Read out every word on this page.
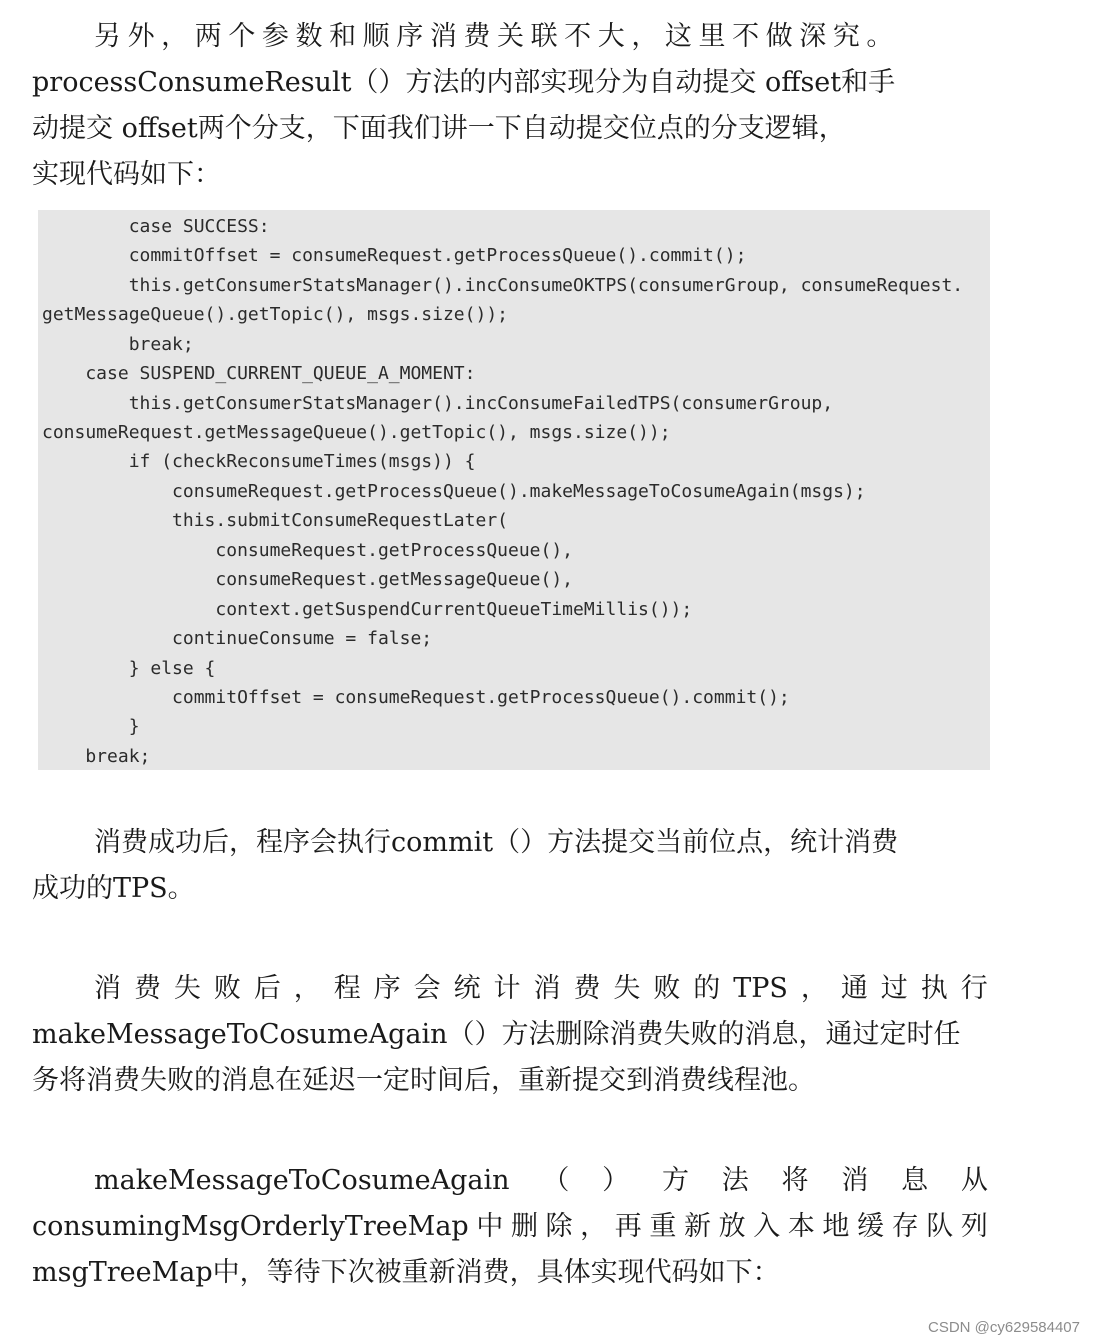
另 外 ， 两 个 参 数 和 顺 序 消 费 关 联 不 大 ， 这 里 不 做 深 究 。
processConsumeResult（）方法的内部实现分为自动提交 offset和手
动提交 offset两个分支，下面我们讲一下自动提交位点的分支逻辑，
实现代码如下：
case SUCCESS:
commitOffset = consumeRequest.getProcessQueue().commit();
this.getConsumerStatsManager().incConsumeOKTPS(consumerGroup, consumeRequest.
getMessageQueue().getTopic(), msgs.size());
break;
case SUSPEND_CURRENT_QUEUE_A_MOMENT:
this.getConsumerStatsManager().incConsumeFailedTPS(consumerGroup,
consumeRequest.getMessageQueue().getTopic(), msgs.size());
if (checkReconsumeTimes(msgs)) {
consumeRequest.getProcessQueue().makeMessageToCosumeAgain(msgs);
this.submitConsumeRequestLater(
consumeRequest.getProcessQueue(),
consumeRequest.getMessageQueue(),
context.getSuspendCurrentQueueTimeMillis());
continueConsume = false;
} else {
commitOffset = consumeRequest.getProcessQueue().commit();
}
break;
消费成功后，程序会执行commit（）方法提交当前位点，统计消费
成功的TPS。
消 费 失 败 后 ， 程 序 会 统 计 消 费 失 败 的 TPS ， 通 过 执 行
makeMessageToCosumeAgain（）方法删除消费失败的消息，通过定时任
务将消费失败的消息在延迟一定时间后，重新提交到消费线程池。
makeMessageToCosumeAgain （ ） 方 法 将 消 息 从
consumingMsgOrderlyTreeMap 中 删 除 ， 再 重 新 放 入 本 地 缓 存 队 列
msgTreeMap中，等待下次被重新消费，具体实现代码如下：
CSDN @cy629584407
